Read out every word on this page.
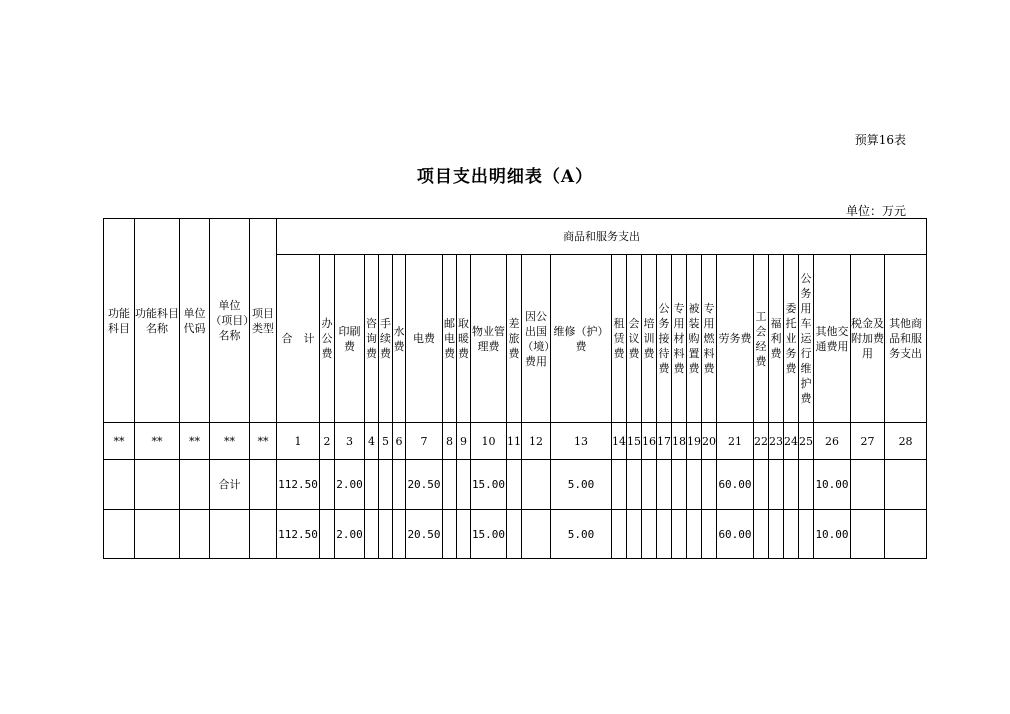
预算16表
项目支出明细表（A）
单位：万元
功能科目	功能科目名称	单位代码	单位（项目）名称	项目类型	商品和服务支出																											
					合　计	办公费	印刷费	咨询费	手续费	水费	电费	邮电费	取暖费	物业管理费	差旅费	因公出国（境）费用	维修（护）费	租赁费	会议费	培训费	公务接待费	专用材料费	被装购置费	专用燃料费	劳务费	工会经费	福利费	委托业务费	公务用车运行维护费	其他交通费用	税金及附加费用	其他商品和服务支出
**	**	**	**	**	1	2	3	4	5	6	7	8	9	10	11	12	13	14	15	16	17	18	19	20	21	22	23	24	25	26	27	28
			合计		112.50		2.00				20.50			15.00			5.00								60.00					10.00		
					112.50		2.00				20.50			15.00			5.00								60.00					10.00		
